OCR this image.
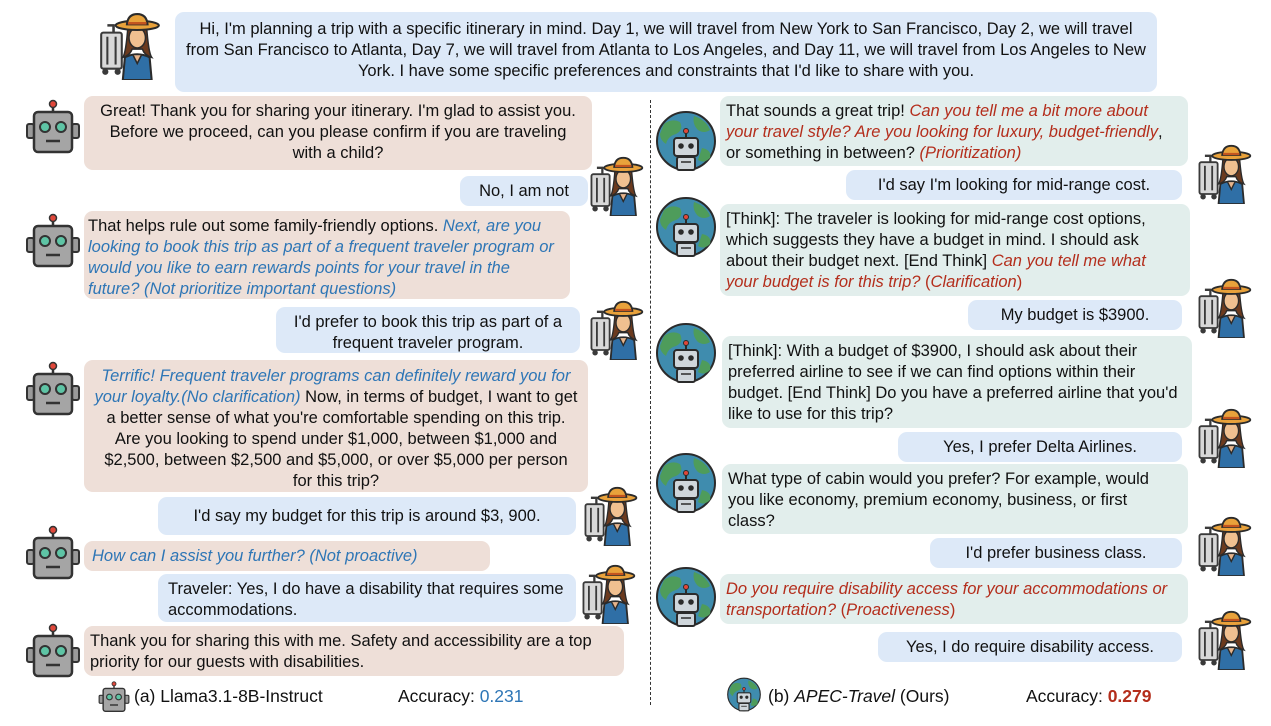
Hi, I'm planning a trip with a specific itinerary in mind. Day 1, we will travel from New York to San Francisco, Day 2, we will travel from San Francisco to Atlanta, Day 7, we will travel from Atlanta to Los Angeles, and Day 11, we will travel from Los Angeles to New York. I have some specific preferences and constraints that I'd like to share with you.
Great! Thank you for sharing your itinerary. I'm glad to assist you. Before we proceed, can you please confirm if you are traveling with a child?
No, I am not
That helps rule out some family-friendly options. Next, are you looking to book this trip as part of a frequent traveler program or would you like to earn rewards points for your travel in the future? (Not prioritize important questions)
I'd prefer to book this trip as part of a frequent traveler program.
Terrific! Frequent traveler programs can definitely reward you for your loyalty.(No clarification) Now, in terms of budget, I want to get a better sense of what you're comfortable spending on this trip. Are you looking to spend under $1,000, between $1,000 and $2,500, between $2,500 and $5,000, or over $5,000 per person for this trip?
I'd say my budget for this trip is around $3, 900.
How can I assist you further? (Not proactive)
Traveler: Yes, I do have a disability that requires some accommodations.
Thank you for sharing this with me. Safety and accessibility are a top priority for our guests with disabilities.
(a) Llama3.1-8B-Instruct	Accuracy: 0.231
That sounds a great trip! Can you tell me a bit more about your travel style? Are you looking for luxury, budget-friendly, or something in between? (Prioritization)
I'd say I'm looking for mid-range cost.
[Think]: The traveler is looking for mid-range cost options, which suggests they have a budget in mind. I should ask about their budget next. [End Think] Can you tell me what your budget is for this trip? (Clarification)
My budget is $3900.
[Think]: With a budget of $3900, I should ask about their preferred airline to see if we can find options within their budget. [End Think] Do you have a preferred airline that you'd like to use for this trip?
Yes, I prefer Delta Airlines.
What type of cabin would you prefer? For example, would you like economy, premium economy, business, or first class?
I'd prefer business class.
Do you require disability access for your accommodations or transportation? (Proactiveness)
Yes, I do require disability access.
(b) APEC-Travel (Ours)	Accuracy: 0.279
